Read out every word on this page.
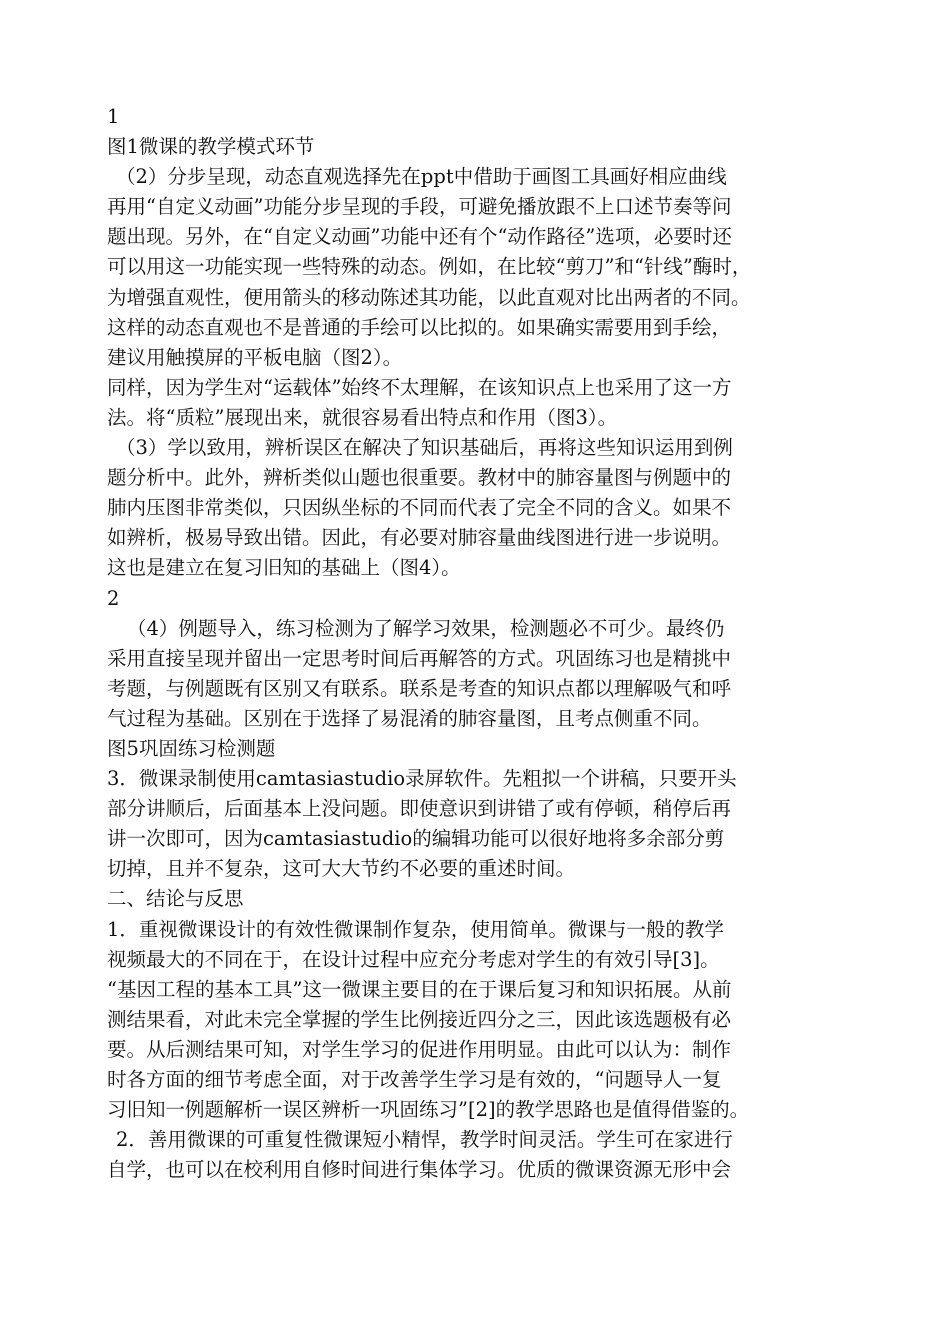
1
图1微课的教学模式环节
（2）分步呈现，动态直观选择先在ppt中借助于画图工具画好相应曲线
再用“自定义动画”功能分步呈现的手段，可避免播放跟不上口述节奏等问
题出现。另外，在“自定义动画”功能中还有个“动作路径”选项，必要时还
可以用这一功能实现一些特殊的动态。例如，在比较“剪刀”和“针线”酶时，
为增强直观性，便用箭头的移动陈述其功能，以此直观对比出两者的不同。
这样的动态直观也不是普通的手绘可以比拟的。如果确实需要用到手绘，
建议用触摸屏的平板电脑（图2）。
同样，因为学生对“运载体”始终不太理解，在该知识点上也采用了这一方
法。将“质粒”展现出来，就很容易看出特点和作用（图3）。
（3）学以致用，辨析误区在解决了知识基础后，再将这些知识运用到例
题分析中。此外，辨析类似山题也很重要。教材中的肺容量图与例题中的
肺内压图非常类似，只因纵坐标的不同而代表了完全不同的含义。如果不
如辨析，极易导致出错。因此，有必要对肺容量曲线图进行进一步说明。
这也是建立在复习旧知的基础上（图4）。
2
（4）例题导入，练习检测为了解学习效果，检测题必不可少。最终仍
采用直接呈现并留出一定思考时间后再解答的方式。巩固练习也是精挑中
考题，与例题既有区别又有联系。联系是考查的知识点都以理解吸气和呼
气过程为基础。区别在于选择了易混淆的肺容量图，且考点侧重不同。
图5巩固练习检测题
3．微课录制使用camtasiastudio录屏软件。先粗拟一个讲稿，只要开头
部分讲顺后，后面基本上没问题。即使意识到讲错了或有停顿，稍停后再
讲一次即可，因为camtasiastudio的编辑功能可以很好地将多余部分剪
切掉，且并不复杂，这可大大节约不必要的重述时间。
二、结论与反思
1．重视微课设计的有效性微课制作复杂，使用简单。微课与一般的教学
视频最大的不同在于，在设计过程中应充分考虑对学生的有效引导[3]。
“基因工程的基本工具”这一微课主要目的在于课后复习和知识拓展。从前
测结果看，对此未完全掌握的学生比例接近四分之三，因此该选题极有必
要。从后测结果可知，对学生学习的促进作用明显。由此可以认为：制作
时各方面的细节考虑全面，对于改善学生学习是有效的，“问题导人一复
习旧知一例题解析一误区辨析一巩固练习”[2]的教学思路也是值得借鉴的。
2．善用微课的可重复性微课短小精悍，教学时间灵活。学生可在家进行
自学，也可以在校利用自修时间进行集体学习。优质的微课资源无形中会
